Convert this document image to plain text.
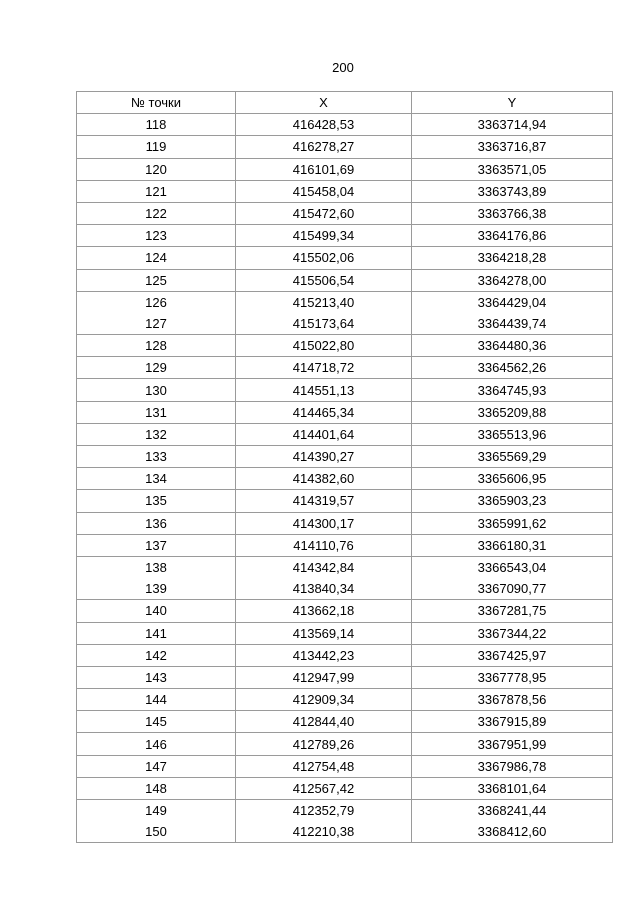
200
№ точки	X	Y
118	416428,53	3363714,94
119	416278,27	3363716,87
120	416101,69	3363571,05
121	415458,04	3363743,89
122	415472,60	3363766,38
123	415499,34	3364176,86
124	415502,06	3364218,28
125	415506,54	3364278,00
126	415213,40	3364429,04
127	415173,64	3364439,74
128	415022,80	3364480,36
129	414718,72	3364562,26
130	414551,13	3364745,93
131	414465,34	3365209,88
132	414401,64	3365513,96
133	414390,27	3365569,29
134	414382,60	3365606,95
135	414319,57	3365903,23
136	414300,17	3365991,62
137	414110,76	3366180,31
138	414342,84	3366543,04
139	413840,34	3367090,77
140	413662,18	3367281,75
141	413569,14	3367344,22
142	413442,23	3367425,97
143	412947,99	3367778,95
144	412909,34	3367878,56
145	412844,40	3367915,89
146	412789,26	3367951,99
147	412754,48	3367986,78
148	412567,42	3368101,64
149	412352,79	3368241,44
150	412210,38	3368412,60
